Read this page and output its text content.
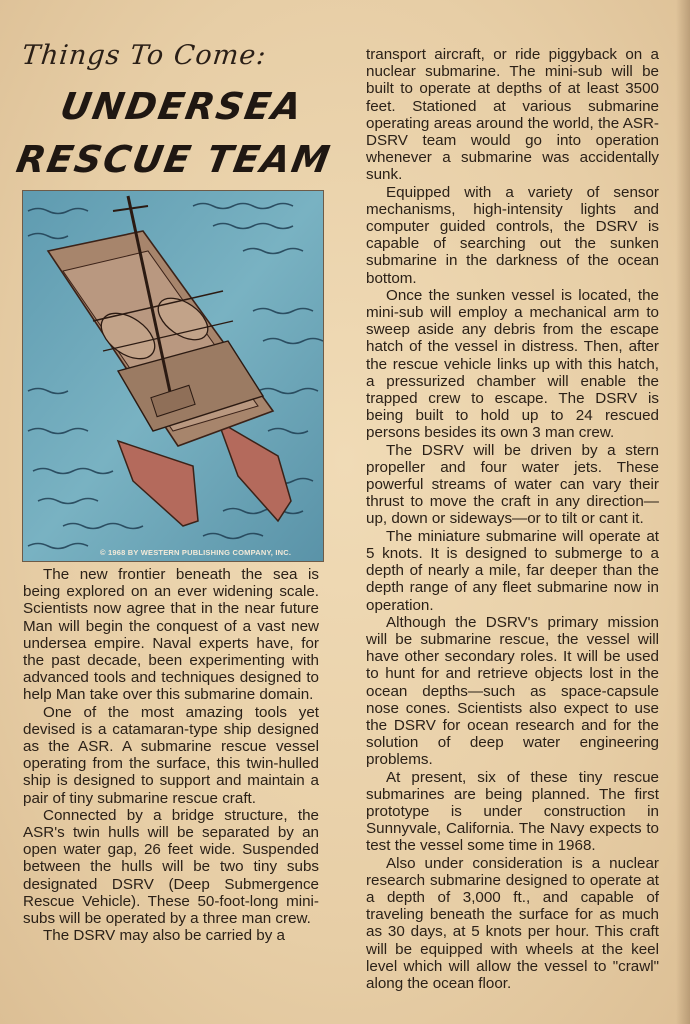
Things To Come:
UNDERSEA
RESCUE TEAM
© 1968 BY WESTERN PUBLISHING COMPANY, INC.

The new frontier beneath the sea is being explored on an ever widening scale. Scientists now agree that in the near future Man will begin the conquest of a vast new undersea empire. Naval experts have, for the past decade, been experimenting with advanced tools and techniques designed to help Man take over this submarine domain.

One of the most amazing tools yet devised is a catamaran-type ship designed as the ASR. A submarine rescue vessel operating from the surface, this twin-hulled ship is designed to support and maintain a pair of tiny submarine rescue craft.

Connected by a bridge structure, the ASR's twin hulls will be separated by an open water gap, 26 feet wide. Suspended between the hulls will be two tiny subs designated DSRV (Deep Submergence Rescue Vehicle). These 50-foot-long mini-subs will be operated by a three man crew.

The DSRV may also be carried by a

transport aircraft, or ride piggyback on a nuclear submarine. The mini-sub will be built to operate at depths of at least 3500 feet. Stationed at various submarine operating areas around the world, the ASR-DSRV team would go into operation whenever a submarine was accidentally sunk.

Equipped with a variety of sensor mechanisms, high-intensity lights and computer guided controls, the DSRV is capable of searching out the sunken submarine in the darkness of the ocean bottom.

Once the sunken vessel is located, the mini-sub will employ a mechanical arm to sweep aside any debris from the escape hatch of the vessel in distress. Then, after the rescue vehicle links up with this hatch, a pressurized chamber will enable the trapped crew to escape. The DSRV is being built to hold up to 24 rescued persons besides its own 3 man crew.

The DSRV will be driven by a stern propeller and four water jets. These powerful streams of water can vary their thrust to move the craft in any direction—up, down or sideways—or to tilt or cant it.

The miniature submarine will operate at 5 knots. It is designed to submerge to a depth of nearly a mile, far deeper than the depth range of any fleet submarine now in operation.

Although the DSRV's primary mission will be submarine rescue, the vessel will have other secondary roles. It will be used to hunt for and retrieve objects lost in the ocean depths—such as space-capsule nose cones. Scientists also expect to use the DSRV for ocean research and for the solution of deep water engineering problems.

At present, six of these tiny rescue submarines are being planned. The first prototype is under construction in Sunnyvale, California. The Navy expects to test the vessel some time in 1968.

Also under consideration is a nuclear research submarine designed to operate at a depth of 3,000 ft., and capable of traveling beneath the surface for as much as 30 days, at 5 knots per hour. This craft will be equipped with wheels at the keel level which will allow the vessel to "crawl" along the ocean floor.
